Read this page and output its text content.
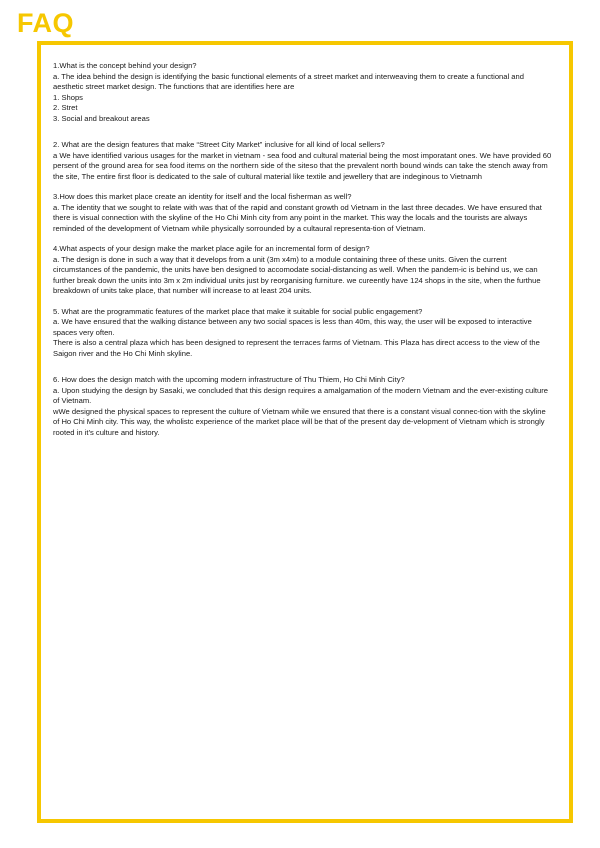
FAQ
1.What is the concept behind your design?
a. The idea behind the design is identifying the basic functional elements of a street market and interweaving them to create a functional and aesthetic street market design. The functions that are identifies here are
1. Shops
2. Stret
3. Social and breakout areas
2. What are the design features that make “Street City Market” inclusive for all kind of local sellers?
a We have identified various usages for the market in vietnam - sea food and cultural material being the most imporatant ones. We have provided 60 persent of the ground area for sea food items on the northern side of the siteso that the prevalent north bound winds can take the stench away from the site, The entire first floor is dedicated to the sale of cultural material like textile and jewellery that are indeginous to Vietnamh
3.How does this market place create an identity for itself and the local fisherman as well?
a. The identity that we sought to relate with was that of the rapid and constant growth od Vietnam in the last three decades. We have ensured that there is visual connection with the skyline of the Ho Chi Minh city from any point in the market. This way the locals and the tourists are always reminded of the development of Vietnam while physically sorrounded by a cultaural representa-tion of Vietnam.
4.What aspects of your design make the market place agile for an incremental form of design?
a. The design is done in such a way that it develops from a unit (3m x4m) to a module containing three of these units. Given the current circumstances of the pandemic, the units have ben designed to accomodate social-distancing as well. When the pandem-ic is behind us, we can further break down the units into 3m x 2m individual units just by reorganising furniture. we cureently have 124 shops in the site, when the furthue breakdown of units take place, that number will increase to at least 204 units.
5. What are the programmatic features of the market place that make it suitable for social public engagement?
a. We have ensured that the walking distance between any two social spaces is less than 40m, this way, the user will be exposed to interactive spaces very often.
There is also a central plaza which has been designed to represent the terraces farms of Vietnam. This Plaza has direct access to the view of the Saigon river and the Ho Chi Minh skyline.
6. How does the design match with the upcoming modern infrastructure of Thu Thiem, Ho Chi Minh City?
a. Upon studying the design by Sasaki, we concluded that this design requires a amalgamation of the modern Vietnam and the ever-existing culture of Vietnam.
wWe designed the physical spaces to represent the culture of Vietnam while we ensured that there is a constant visual connec-tion with the skyline of Ho Chi Minh city. This way, the wholistc experience of the market place will be that of the present day de-velopment of Vietnam which is strongly rooted in it’s culture and history.
